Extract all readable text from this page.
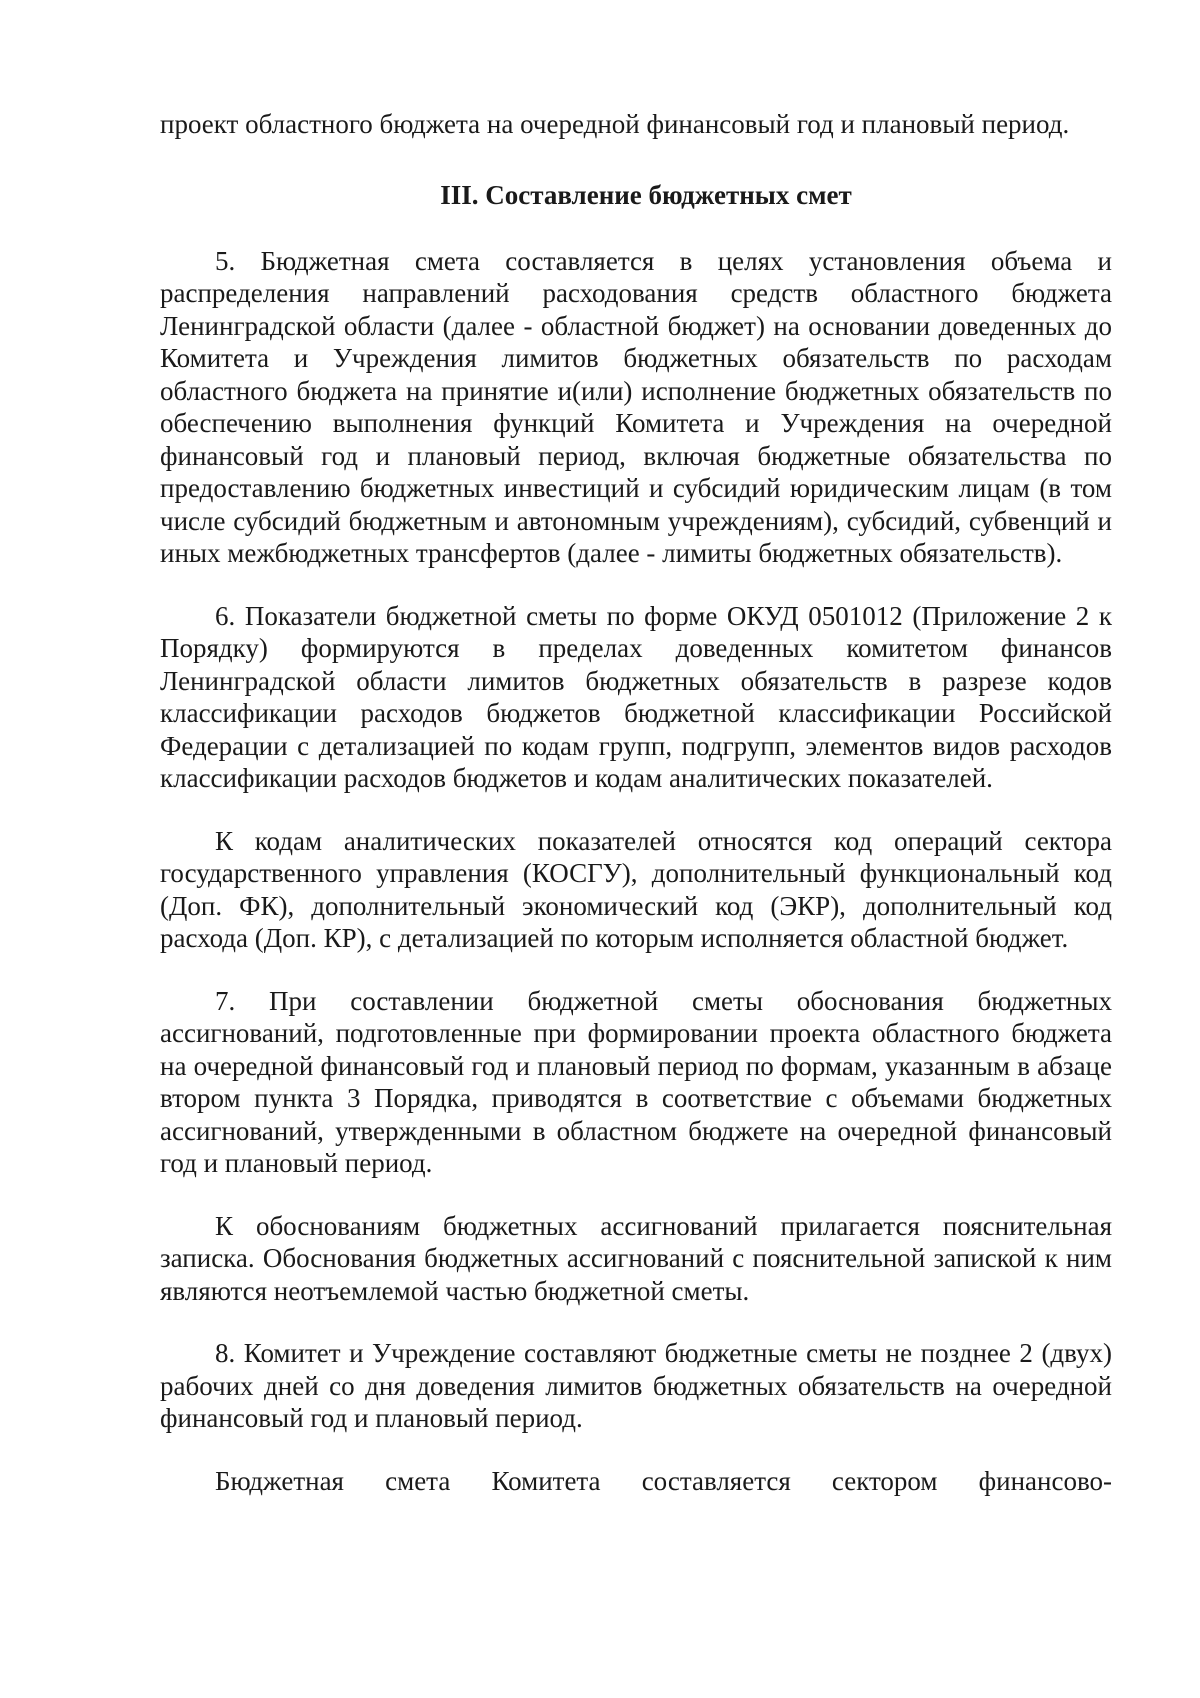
проект областного бюджета на очередной финансовый год и плановый период.

III. Составление бюджетных смет

5. Бюджетная смета составляется в целях установления объема и распределения направлений расходования средств областного бюджета Ленинградской области (далее - областной бюджет) на основании доведенных до Комитета и Учреждения лимитов бюджетных обязательств по расходам областного бюджета на принятие и(или) исполнение бюджетных обязательств по обеспечению выполнения функций Комитета и Учреждения на очередной финансовый год и плановый период, включая бюджетные обязательства по предоставлению бюджетных инвестиций и субсидий юридическим лицам (в том числе субсидий бюджетным и автономным учреждениям), субсидий, субвенций и иных межбюджетных трансфертов (далее - лимиты бюджетных обязательств).

6. Показатели бюджетной сметы по форме ОКУД 0501012 (Приложение 2 к Порядку) формируются в пределах доведенных комитетом финансов Ленинградской области лимитов бюджетных обязательств в разрезе кодов классификации расходов бюджетов бюджетной классификации Российской Федерации с детализацией по кодам групп, подгрупп, элементов видов расходов классификации расходов бюджетов и кодам аналитических показателей.

К кодам аналитических показателей относятся код операций сектора государственного управления (КОСГУ), дополнительный функциональный код (Доп. ФК), дополнительный экономический код (ЭКР), дополнительный код расхода (Доп. КР), с детализацией по которым исполняется областной бюджет.

7. При составлении бюджетной сметы обоснования бюджетных ассигнований, подготовленные при формировании проекта областного бюджета на очередной финансовый год и плановый период по формам, указанным в абзаце втором пункта 3 Порядка, приводятся в соответствие с объемами бюджетных ассигнований, утвержденными в областном бюджете на очередной финансовый год и плановый период.

К обоснованиям бюджетных ассигнований прилагается пояснительная записка. Обоснования бюджетных ассигнований с пояснительной запиской к ним являются неотъемлемой частью бюджетной сметы.

8. Комитет и Учреждение составляют бюджетные сметы не позднее 2 (двух) рабочих дней со дня доведения лимитов бюджетных обязательств на очередной финансовый год и плановый период.

Бюджетная смета Комитета составляется сектором финансово-
